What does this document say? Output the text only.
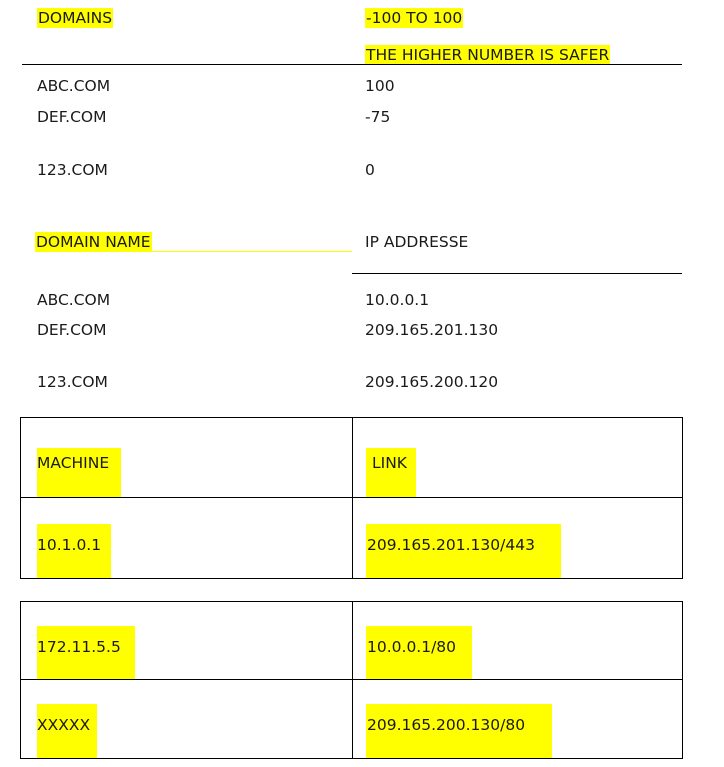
DOMAINS	-100 TO 100
THE HIGHER NUMBER IS SAFER
ABC.COM	100
DEF.COM	-75
123.COM	0
DOMAIN NAME	IP ADDRESSE
ABC.COM	10.0.0.1
DEF.COM	209.165.201.130
123.COM	209.165.200.120
MACHINE	LINK
10.1.0.1	209.165.201.130/443
172.11.5.5	10.0.0.1/80
XXXXX	209.165.200.130/80
